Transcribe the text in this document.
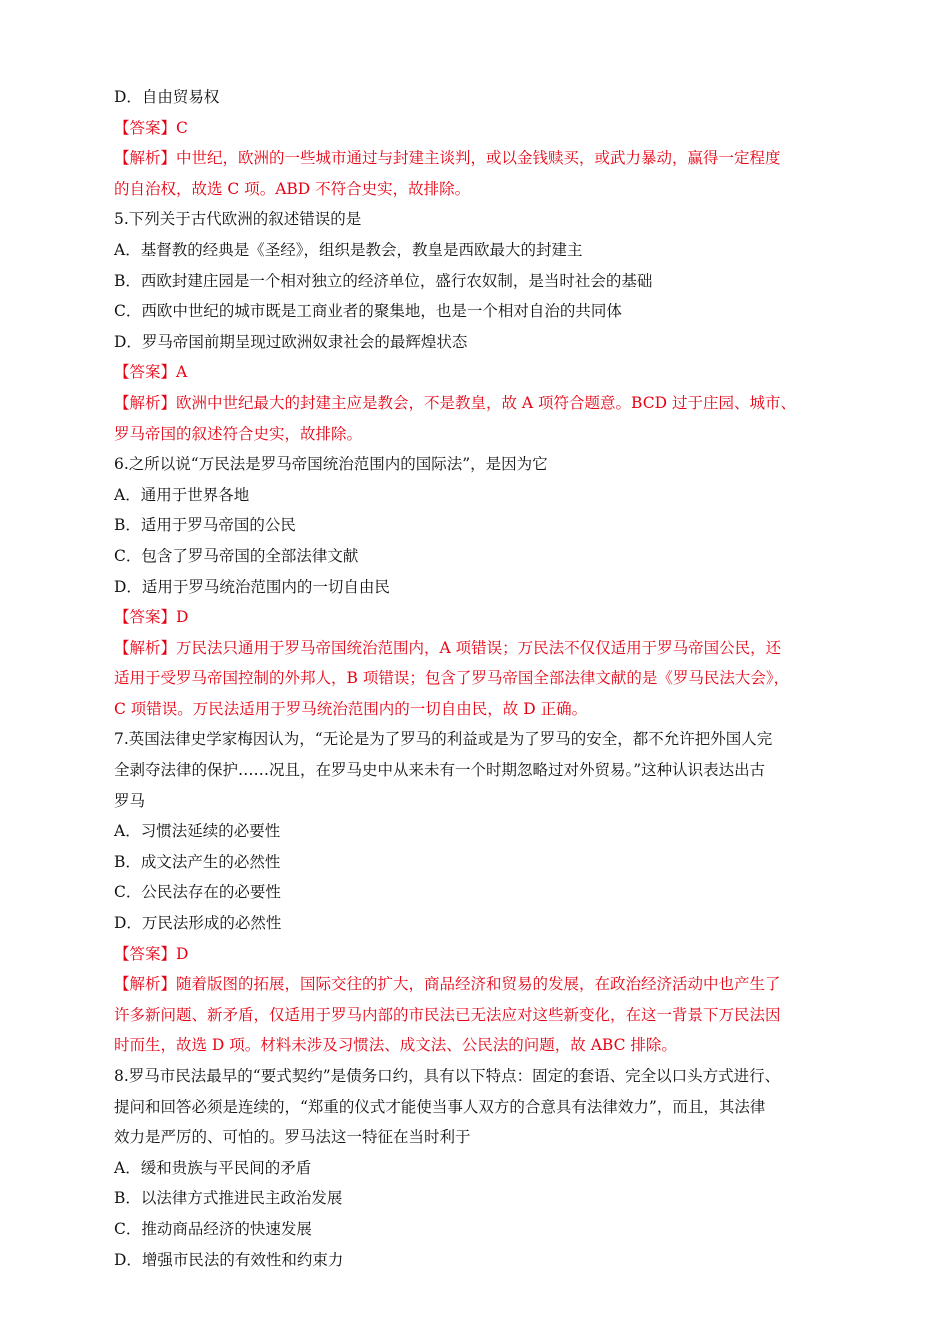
D．自由贸易权
【答案】C
【解析】中世纪，欧洲的一些城市通过与封建主谈判，或以金钱赎买，或武力暴动，赢得一定程度
的自治权，故选 C 项。ABD 不符合史实，故排除。
5.下列关于古代欧洲的叙述错误的是
A．基督教的经典是《圣经》，组织是教会，教皇是西欧最大的封建主
B．西欧封建庄园是一个相对独立的经济单位，盛行农奴制，是当时社会的基础
C．西欧中世纪的城市既是工商业者的聚集地，也是一个相对自治的共同体
D．罗马帝国前期呈现过欧洲奴隶社会的最辉煌状态
【答案】A
【解析】欧洲中世纪最大的封建主应是教会，不是教皇，故 A 项符合题意。BCD 过于庄园、城市、
罗马帝国的叙述符合史实，故排除。
6.之所以说“万民法是罗马帝国统治范围内的国际法”，是因为它
A．通用于世界各地
B．适用于罗马帝国的公民
C．包含了罗马帝国的全部法律文献
D．适用于罗马统治范围内的一切自由民
【答案】D
【解析】万民法只通用于罗马帝国统治范围内，A 项错误；万民法不仅仅适用于罗马帝国公民，还
适用于受罗马帝国控制的外邦人，B 项错误；包含了罗马帝国全部法律文献的是《罗马民法大会》，
C 项错误。万民法适用于罗马统治范围内的一切自由民，故 D 正确。
7.英国法律史学家梅因认为，“无论是为了罗马的利益或是为了罗马的安全，都不允许把外国人完
全剥夺法律的保护……况且，在罗马史中从来未有一个时期忽略过对外贸易。”这种认识表达出古
罗马
A．习惯法延续的必要性
B．成文法产生的必然性
C．公民法存在的必要性
D．万民法形成的必然性
【答案】D
【解析】随着版图的拓展，国际交往的扩大，商品经济和贸易的发展，在政治经济活动中也产生了
许多新问题、新矛盾，仅适用于罗马内部的市民法已无法应对这些新变化，在这一背景下万民法因
时而生，故选 D 项。材料未涉及习惯法、成文法、公民法的问题，故 ABC 排除。
8.罗马市民法最早的“要式契约”是债务口约，具有以下特点：固定的套语、完全以口头方式进行、
提问和回答必须是连续的，“郑重的仪式才能使当事人双方的合意具有法律效力”，而且，其法律
效力是严厉的、可怕的。罗马法这一特征在当时利于
A．缓和贵族与平民间的矛盾
B．以法律方式推进民主政治发展
C．推动商品经济的快速发展
D．增强市民法的有效性和约束力
